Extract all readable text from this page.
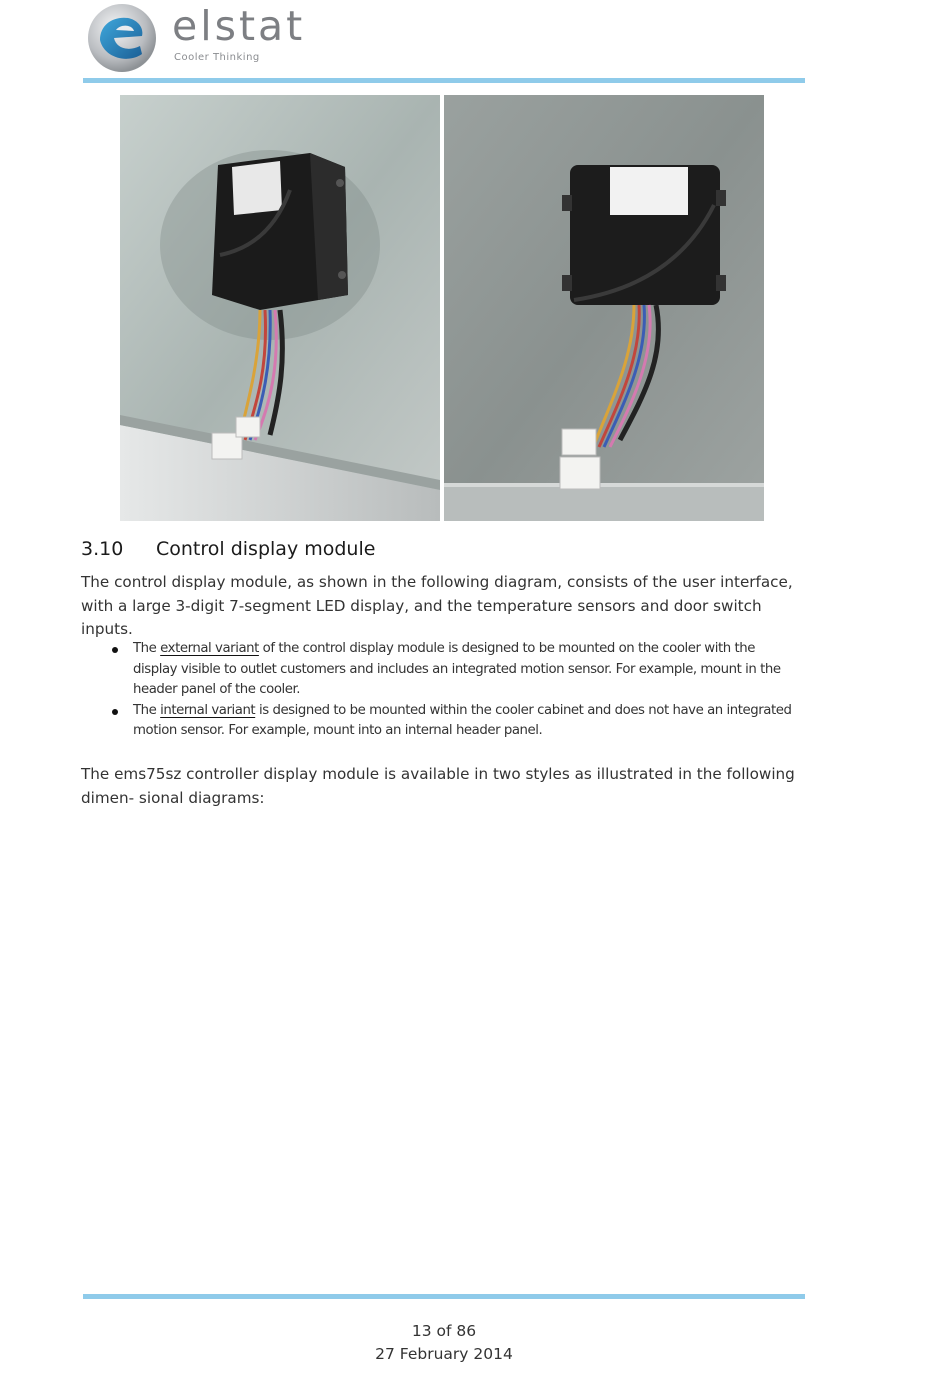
elstat
Cooler Thinking
3.10 Control display module
The control display module, as shown in the following diagram, consists of the user interface, with a large 3-digit 7-segment LED display, and the temperature sensors and door switch inputs.
The external variant of the control display module is designed to be mounted on the cooler with the display visible to outlet customers and includes an integrated motion sensor. For example, mount in the header panel of the cooler.
The internal variant is designed to be mounted within the cooler cabinet and does not have an integrated motion sensor. For example, mount into an internal header panel.
The ems75sz controller display module is available in two styles as illustrated in the following dimen- sional diagrams:
13 of 86
27 February 2014
